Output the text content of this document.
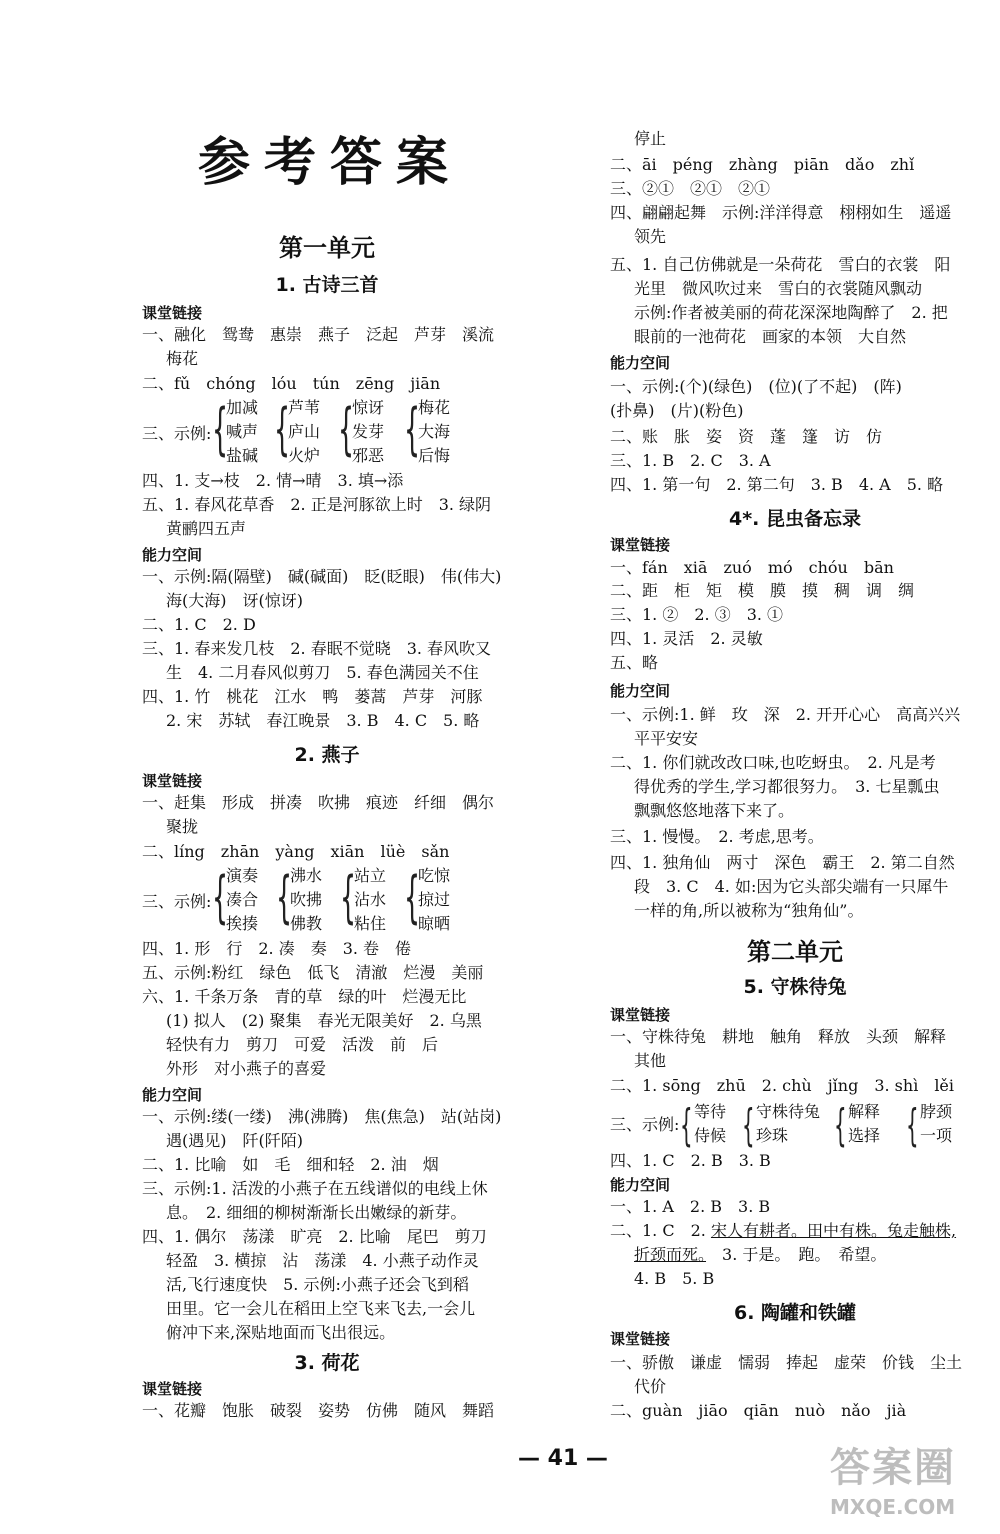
参考答案
第一单元
1. 古诗三首
课堂链接
一、融化　鸳鸯　惠崇　燕子　泛起　芦芽　溪流
梅花
二、fǔ　chóng　lóu　tún　zēng　jiān
三、示例: {
加减
喊声
盐碱 {
芦苇
庐山
火炉 {
惊讶
发芽
邪恶 {
梅花
大海
后悔
四、1. 支→枝　2. 情→晴　3. 填→添
五、1. 春风花草香　2. 正是河豚欲上时　3. 绿阴
黄鹂四五声
能力空间
一、示例:隔(隔壁)　碱(碱面)　眨(眨眼)　伟(伟大)
海(大海)　讶(惊讶)
二、1. C　2. D
三、1. 春来发几枝　2. 春眠不觉晓　3. 春风吹又
生　4. 二月春风似剪刀　5. 春色满园关不住
四、1. 竹　桃花　江水　鸭　蒌蒿　芦芽　河豚
2. 宋　苏轼　春江晚景　3. B　4. C　5. 略
2. 燕子
课堂链接
一、赶集　形成　拼凑　吹拂　痕迹　纤细　偶尔
聚拢
二、líng　zhān　yàng　xiān　lüè　sǎn
三、示例: {
演奏
凑合
挨揍 {
沸水
吹拂
佛教 {
站立
沾水
粘住 {
吃惊
掠过
晾晒
四、1. 形　行　2. 凑　奏　3. 卷　倦
五、示例:粉红　绿色　低飞　清澈　烂漫　美丽
六、1. 千条万条　青的草　绿的叶　烂漫无比
(1) 拟人　(2) 聚集　春光无限美好　2. 乌黑
轻快有力　剪刀　可爱　活泼　前　后
外形　对小燕子的喜爱
能力空间
一、示例:缕(一缕)　沸(沸腾)　焦(焦急)　站(站岗)
遇(遇见)　阡(阡陌)
二、1. 比喻　如　毛　细和轻　2. 油　烟
三、示例:1. 活泼的小燕子在五线谱似的电线上休
息。　2. 细细的柳树渐渐长出嫩绿的新芽。
四、1. 偶尔　荡漾　旷亮　2. 比喻　尾巴　剪刀
轻盈　3. 横掠　沾　荡漾　4. 小燕子动作灵
活,飞行速度快　5. 示例:小燕子还会飞到稻
田里。它一会儿在稻田上空飞来飞去,一会儿
俯冲下来,深贴地面而飞出很远。
3. 荷花
课堂链接
一、花瓣　饱胀　破裂　姿势　仿佛　随风　舞蹈
停止
二、āi　péng　zhàng　piān　dǎo　zhǐ
三、②①　②①　②①
四、翩翩起舞　示例:洋洋得意　栩栩如生　遥遥
领先
五、1. 自己仿佛就是一朵荷花　雪白的衣裳　阳
光里　微风吹过来　雪白的衣裳随风飘动
示例:作者被美丽的荷花深深地陶醉了　2. 把
眼前的一池荷花　画家的本领　大自然
能力空间
一、示例:(个)(绿色)　(位)(了不起)　(阵)
(扑鼻)　(片)(粉色)
二、账　胀　姿　资　蓬　篷　访　仿
三、1. B　2. C　3. A
四、1. 第一句　2. 第二句　3. B　4. A　5. 略
4*. 昆虫备忘录
课堂链接
一、fán　xiā　zuó　mó　chóu　bān
二、距　柜　矩　模　膜　摸　稠　调　绸
三、1. ②　2. ③　3. ①
四、1. 灵活　2. 灵敏
五、略
能力空间
一、示例:1. 鲜　玫　深　2. 开开心心　高高兴兴
平平安安
二、1. 你们就改改口味,也吃蚜虫。　2. 凡是考
得优秀的学生,学习都很努力。　3. 七星瓢虫
飘飘悠悠地落下来了。
三、1. 慢慢。　2. 考虑,思考。
四、1. 独角仙　两寸　深色　霸王　2. 第二自然
段　3. C　4. 如:因为它头部尖端有一只犀牛
一样的角,所以被称为“独角仙”。
第二单元
5. 守株待兔
课堂链接
一、守株待兔　耕地　触角　释放　头颈　解释
其他
二、1. sōng　zhū　2. chù　jǐng　3. shì　lěi
三、示例: { 等待
侍候 { 守株待兔
珍珠	{ 解释
选择 { 脖颈
一项
四、1. C　2. B　3. B
能力空间
一、1. A　2. B　3. B
二、1. C　2. 宋人有耕者。田中有株。兔走触株,
折颈而死。　3. 于是。　跑。　希望。
4. B　5. B
6. 陶罐和铁罐
课堂链接
一、骄傲　谦虚　懦弱　捧起　虚荣　价钱　尘土
代价
二、guàn　jiāo　qiān　nuò　nǎo　jià
— 41 —	答案圈
MXQE.COM
